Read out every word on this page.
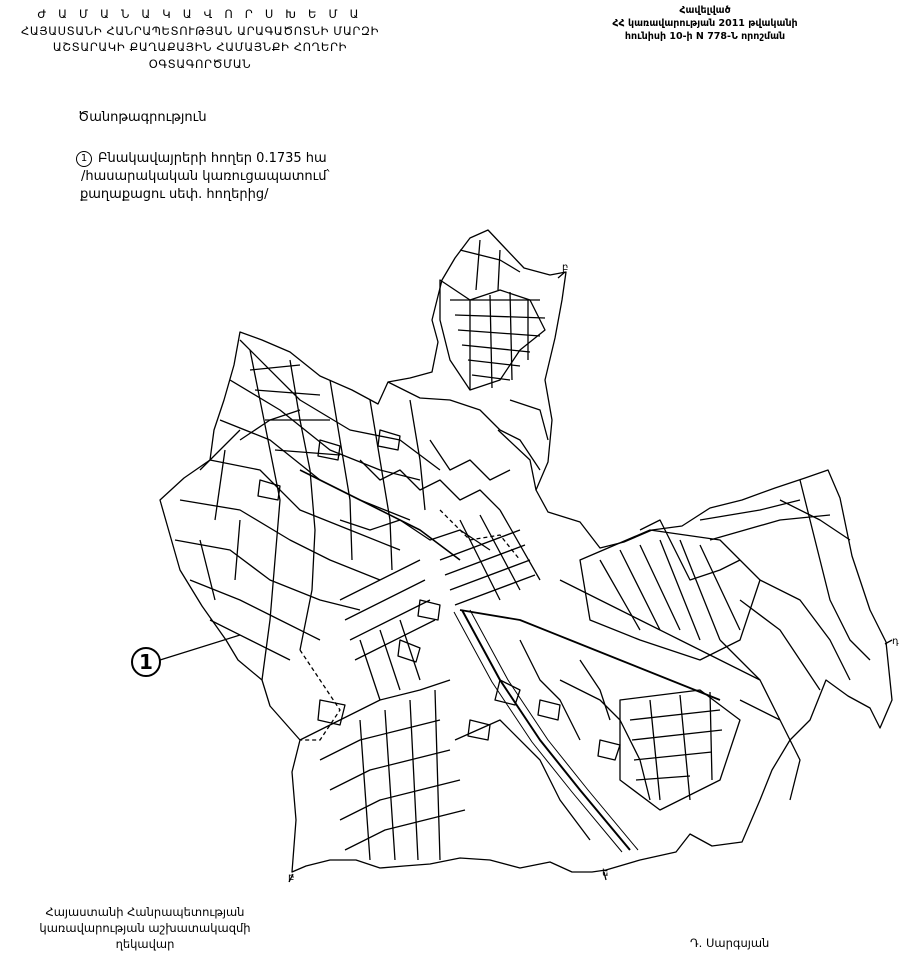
Ժ Ա Մ Ա Ն Ա Կ Ա Վ Ո Ր Ս Խ Ե Մ Ա
ՀԱՅԱՍՏԱՆԻ ՀԱՆՐԱՊԵՏՈՒԹՅԱՆ ԱՐԱԳԱԾՈՏՆԻ ՄԱՐԶԻ
ԱՇՏԱՐԱԿԻ ՔԱՂԱՔԱՅԻՆ ՀԱՄԱՅՆՔԻ ՀՈՂԵՐԻ
ՕԳՏԱԳՈՐԾՄԱՆ
Հավելված
ՀՀ կառավարության 2011 թվականի
հունիսի 10-ի N 778-Ն որոշման
Ծանոթագրություն
1 Բնակավայրերի հողեր 0.1735 հա
/հասարակական կառուցապատում՝
քաղաքացու սեփ. հողերից/
1
բ
դ
ե
բ
Հայաստանի Հանրապետության
կառավարության աշխատակազմի
ղեկավար	Դ. Սարգսյան
